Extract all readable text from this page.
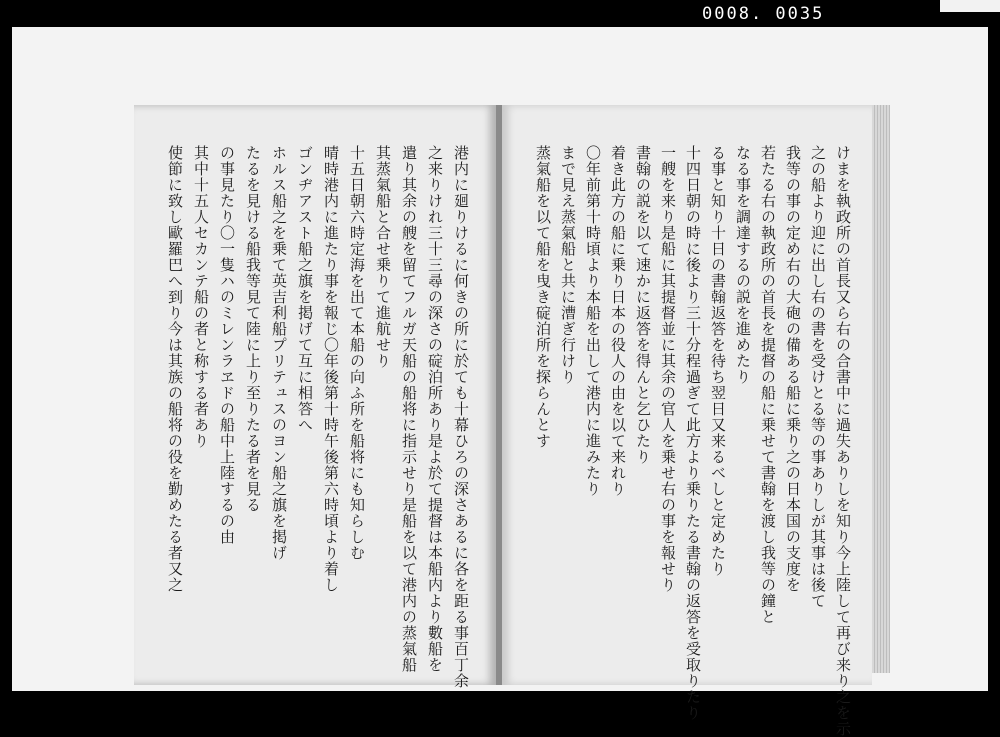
0008. 0035
港内に廻りけるに何きの所に於ても十幕ひろの深さあるに各を距る事百丁余
之来りけれ三十三尋の深さの碇泊所あり是よ於て提督は本船内より數船を
遣り其余の艘を留てフルガ天船の船将に指示せり是船を以て港内の蒸氣船
其蒸氣船と合せ乗りて進航せり
十五日朝六時定海を出て本船の向ふ所を船将にも知らしむ
晴時港内に進たり事を報じ〇年後第十時午後第六時頃より着し
ゴンヂアスト船之旗を掲げて互に相答へ
ホルス船之を乗て英吉利船プリテュスのヨン船之旗を掲げ
たるを見ける船我等見て陸に上り至りたる者を見る
の事見たり〇一隻ハのミレンラヱドの船中上陸するの由
其中十五人セカンテ船の者と称する者あり
使節に致し歐羅巴へ到り今は其族の船将の役を勤めたる者又之	けまを執政所の首長又ら右の合書中に過失ありしを知り今上陸して再び来り之を示
之の船より迎に出し右の書を受けとる等の事ありしが其事は後て
我等の事の定め右の大砲の備ある船に乗り之の日本国の支度を
若たる右の執政所の首長を提督の船に乗せて書翰を渡し我等の鐘と
なる事を調達するの説を進めたり
る事と知り十日の書翰返答を待ち翌日又来るべしと定めたり
十四日朝の時に後より三十分程過ぎて此方より乗りたる書翰の返答を受取りたり
一艘を来り是船に其提督並に其余の官人を乗せ右の事を報せり
書翰の説を以て速かに返答を得んと乞ひたり
着き此方の船に乗り日本の役人の由を以て来れり
〇年前第十時頃より本船を出して港内に進みたり
まで見え蒸氣船と共に漕ぎ行けり
蒸氣船を以て船を曳き碇泊所を探らんとす
